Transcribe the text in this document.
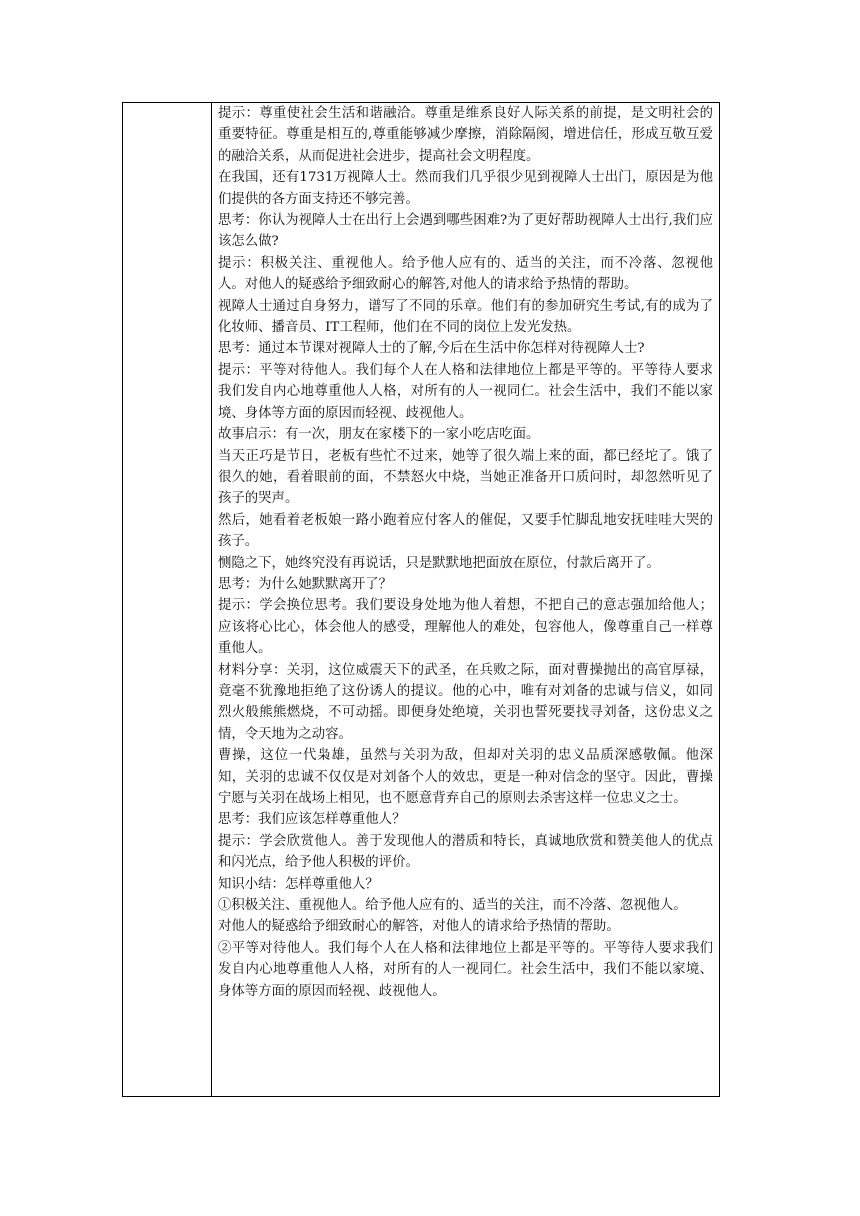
提示：尊重使社会生活和谐融洽。尊重是维系良好人际关系的前提，是文明社会的重要特征。尊重是相互的,尊重能够减少摩擦，消除隔阂，增进信任，形成互敬互爱的融洽关系，从而促进社会进步，提高社会文明程度。

在我国，还有1731万视障人士。然而我们几乎很少见到视障人士出门，原因是为他们提供的各方面支持还不够完善。

思考：你认为视障人士在出行上会遇到哪些困难?为了更好帮助视障人士出行,我们应该怎么做?

提示：积极关注、重视他人。给予他人应有的、适当的关注，而不冷落、忽视他人。对他人的疑惑给予细致耐心的解答,对他人的请求给予热情的帮助。

视障人士通过自身努力，谱写了不同的乐章。他们有的参加研究生考试,有的成为了化妆师、播音员、IT工程师，他们在不同的岗位上发光发热。

思考：通过本节课对视障人士的了解,今后在生活中你怎样对待视障人士?

提示：平等对待他人。我们每个人在人格和法律地位上都是平等的。平等待人要求我们发自内心地尊重他人人格，对所有的人一视同仁。社会生活中，我们不能以家境、身体等方面的原因而轻视、歧视他人。

故事启示：有一次，朋友在家楼下的一家小吃店吃面。

当天正巧是节日，老板有些忙不过来，她等了很久端上来的面，都已经坨了。饿了很久的她，看着眼前的面，不禁怒火中烧，当她正准备开口质问时，却忽然听见了孩子的哭声。

然后，她看着老板娘一路小跑着应付客人的催促，又要手忙脚乱地安抚哇哇大哭的孩子。

恻隐之下，她终究没有再说话，只是默默地把面放在原位，付款后离开了。

思考：为什么她默默离开了？

提示：学会换位思考。我们要设身处地为他人着想，不把自己的意志强加给他人；应该将心比心，体会他人的感受，理解他人的难处，包容他人，像尊重自己一样尊重他人。

材料分享：关羽，这位威震天下的武圣，在兵败之际，面对曹操抛出的高官厚禄，竟毫不犹豫地拒绝了这份诱人的提议。他的心中，唯有对刘备的忠诚与信义，如同烈火般熊熊燃烧，不可动摇。即便身处绝境，关羽也誓死要找寻刘备，这份忠义之情，令天地为之动容。

曹操，这位一代枭雄，虽然与关羽为敌，但却对关羽的忠义品质深感敬佩。他深知，关羽的忠诚不仅仅是对刘备个人的效忠，更是一种对信念的坚守。因此，曹操宁愿与关羽在战场上相见，也不愿意背弃自己的原则去杀害这样一位忠义之士。

思考：我们应该怎样尊重他人？

提示：学会欣赏他人。善于发现他人的潜质和特长，真诚地欣赏和赞美他人的优点和闪光点，给予他人积极的评价。

知识小结：怎样尊重他人？

①积极关注、重视他人。给予他人应有的、适当的关注，而不冷落、忽视他人。

对他人的疑惑给予细致耐心的解答，对他人的请求给予热情的帮助。

②平等对待他人。我们每个人在人格和法律地位上都是平等的。平等待人要求我们发自内心地尊重他人人格，对所有的人一视同仁。社会生活中，我们不能以家境、身体等方面的原因而轻视、歧视他人。
